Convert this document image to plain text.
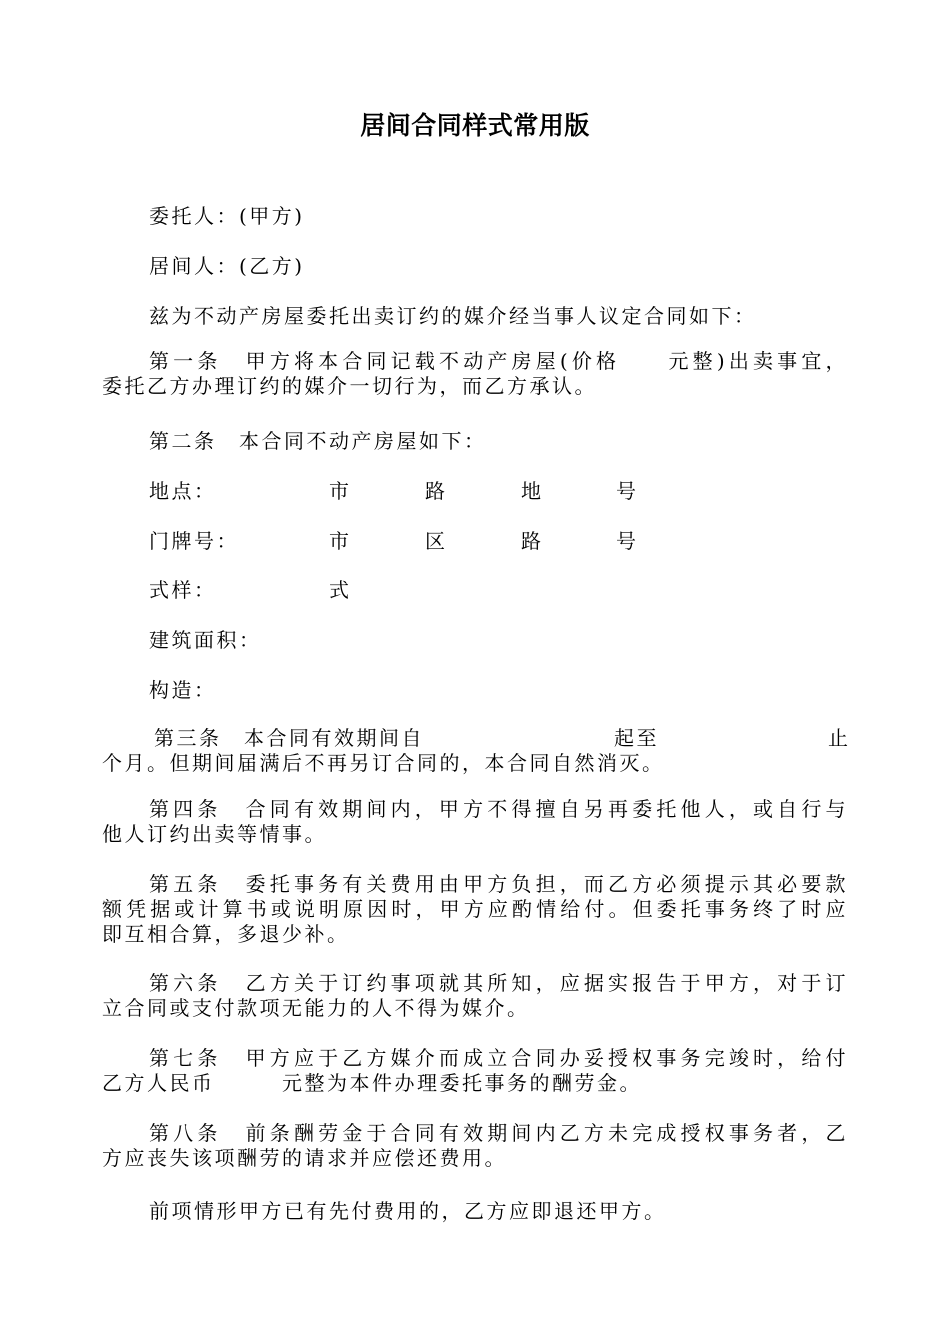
居间合同样式常用版
委托人：(甲方)
居间人：(乙方)
兹为不动产房屋委托出卖订约的媒介经当事人议定合同如下：
第一条　甲方将本合同记载不动产房屋(价格　　元整)出卖事宜，
委托乙方办理订约的媒介一切行为，而乙方承认。
第二条　本合同不动产房屋如下：
地点：	市	路	地	号
门牌号：	市	区	路	号
式样：	式
建筑面积：
构造：
第三条　本合同有效期间自	起至	止
个月。但期间届满后不再另订合同的，本合同自然消灭。
第四条　合同有效期间内，甲方不得擅自另再委托他人，或自行与
他人订约出卖等情事。
第五条　委托事务有关费用由甲方负担，而乙方必须提示其必要款
额凭据或计算书或说明原因时，甲方应酌情给付。但委托事务终了时应
即互相合算，多退少补。
第六条　乙方关于订约事项就其所知，应据实报告于甲方，对于订
立合同或支付款项无能力的人不得为媒介。
第七条　甲方应于乙方媒介而成立合同办妥授权事务完竣时，给付
乙方人民币　　　元整为本件办理委托事务的酬劳金。
第八条　前条酬劳金于合同有效期间内乙方未完成授权事务者，乙
方应丧失该项酬劳的请求并应偿还费用。
前项情形甲方已有先付费用的，乙方应即退还甲方。
